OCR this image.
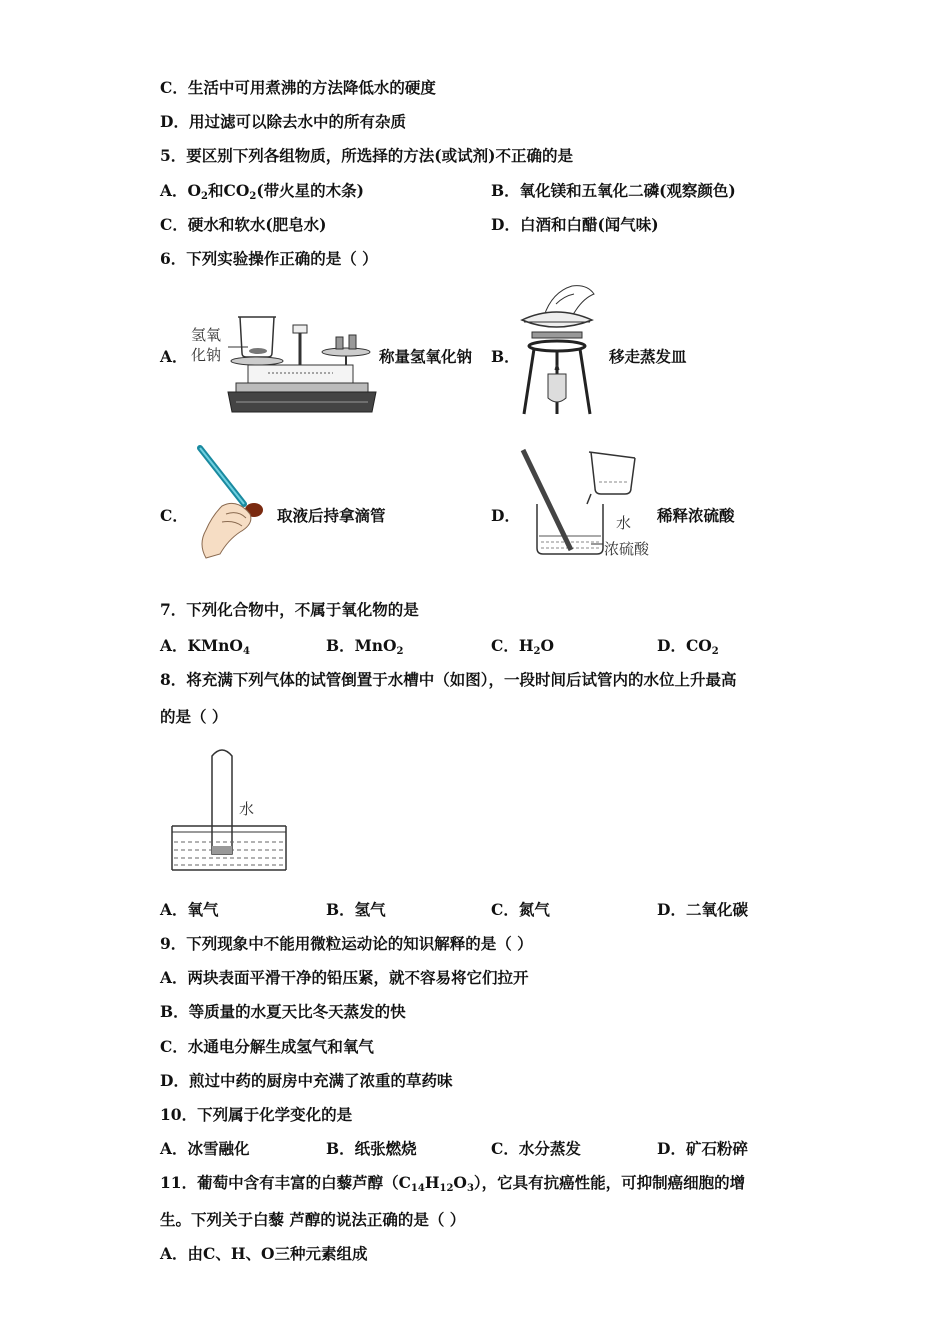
C．生活中可用煮沸的方法降低水的硬度
D．用过滤可以除去水中的所有杂质
5．要区别下列各组物质，所选择的方法(或试剂)不正确的是
A．$O_2$和$CO_2$(带火星的木条)	B．氧化镁和五氧化二磷(观察颜色)
C．硬水和软水(肥皂水)	D．白酒和白醋(闻气味)
6．下列实验操作正确的是（ ）
A．
氢氧
化钠	称量氢氧化钠 B．	移走蒸发皿
C．	取液后持拿滴管	D．	水
浓硫酸
稀释浓硫酸
7．下列化合物中，不属于氧化物的是
A．KMnO$_4$	B．MnO$_2$	C．$H_2O$	D．$CO_2$
8．将充满下列气体的试管倒置于水槽中（如图），一段时间后试管内的水位上升最高
的是（ ）
水
A．氧气	B．氢气	C．氮气	D．二氧化碳
9．下列现象中不能用微粒运动论的知识解释的是（ ）
A．两块表面平滑干净的铅压紧，就不容易将它们拉开
B．等质量的水夏天比冬天蒸发的快
C．水通电分解生成氢气和氧气
D．煎过中药的厨房中充满了浓重的草药味
10．下列属于化学变化的是
A．冰雪融化	B．纸张燃烧	C．水分蒸发	D．矿石粉碎
11．葡萄中含有丰富的白藜芦醇$(C_{14}H_{12}O_3)$，它具有抗癌性能，可抑制癌细胞的增
生。下列关于白藜 芦醇的说法正确的是（ ）
A．由C、H、O三种元素组成
